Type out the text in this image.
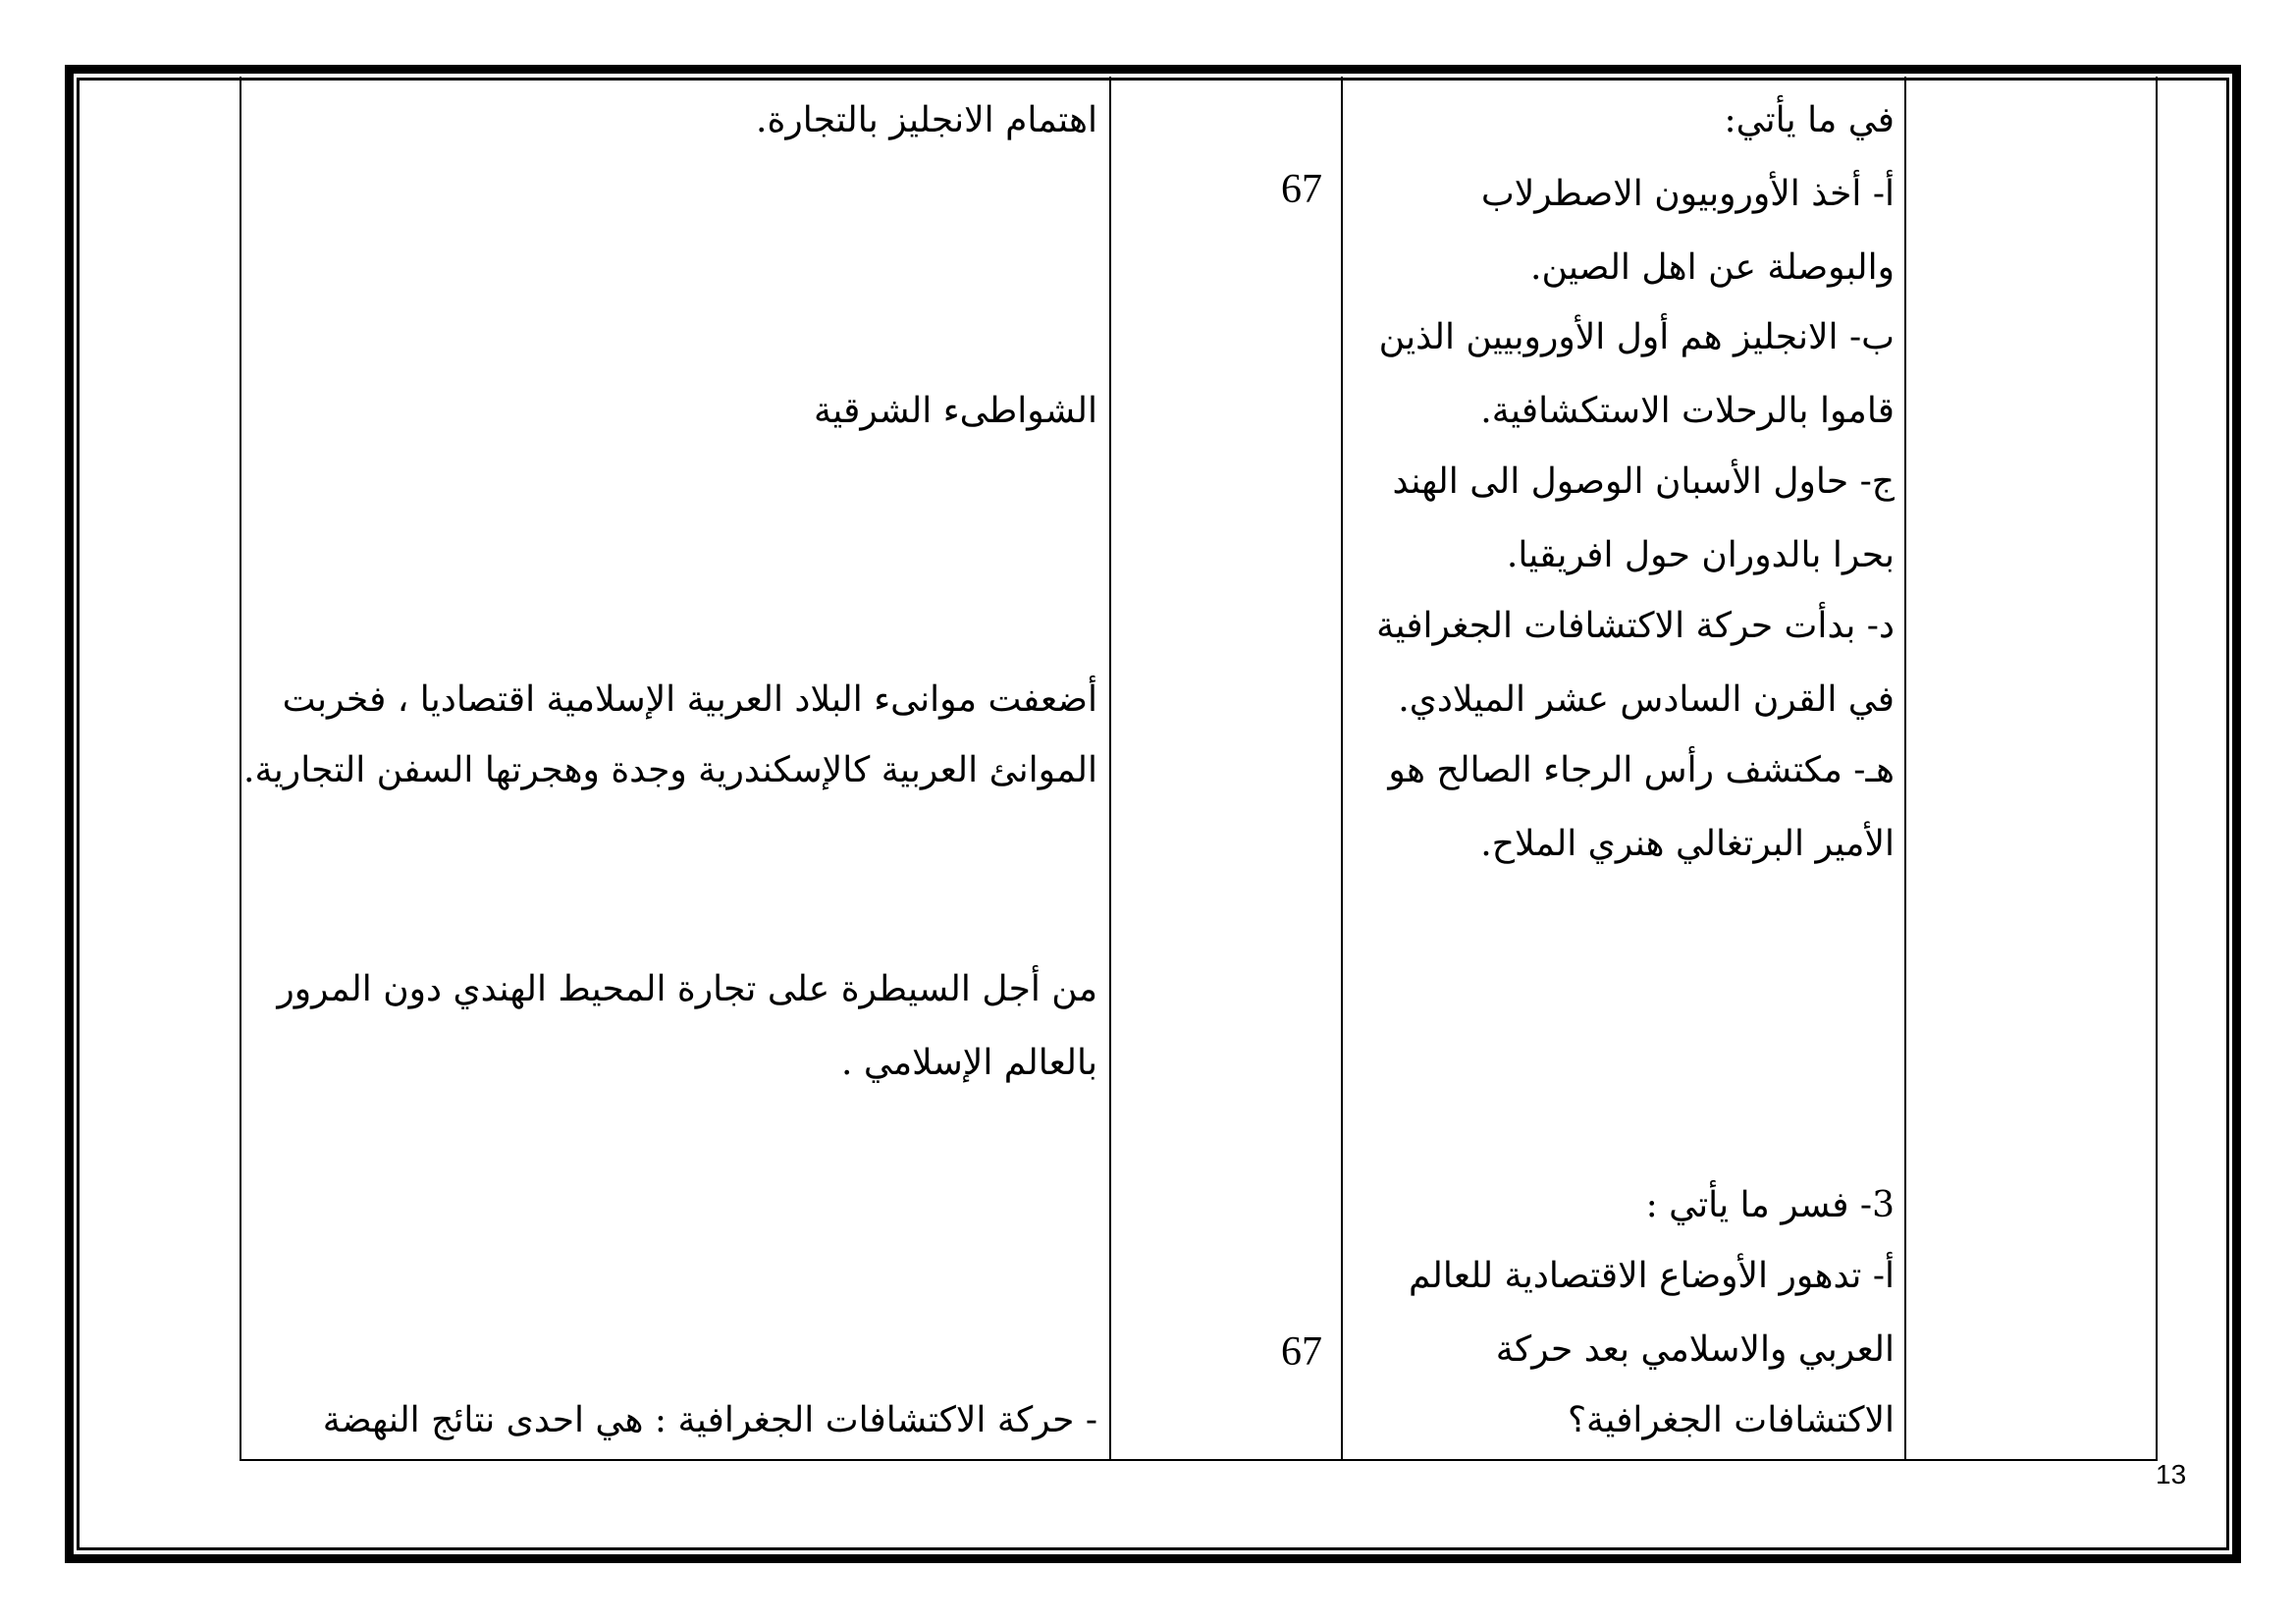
في ما يأتي:
أ- أخذ الأوروبيون الاصطرلاب
والبوصلة عن اهل الصين.
ب- الانجليز هم أول الأوروبيين الذين
قاموا بالرحلات الاستكشافية.
ج- حاول الأسبان الوصول الى الهند
بحرا بالدوران حول افريقيا.
د- بدأت حركة الاكتشافات الجغرافية
في القرن السادس عشر الميلادي.
هـ- مكتشف رأس الرجاء الصالح هو
الأمير البرتغالي هنري الملاح.
3- فسر ما يأتي :
أ- تدهور الأوضاع الاقتصادية للعالم
العربي والاسلامي بعد حركة
الاكتشافات الجغرافية؟
67
67
اهتمام الانجليز بالتجارة.
الشواطىء الشرقية
أضعفت موانىء البلاد العربية الإسلامية اقتصاديا ، فخربت
الموانئ العربية كالإسكندرية وجدة وهجرتها السفن التجارية.
من أجل السيطرة على تجارة المحيط الهندي دون المرور
بالعالم الإسلامي .
- حركة الاكتشافات الجغرافية : هي احدى نتائج النهضة
13
